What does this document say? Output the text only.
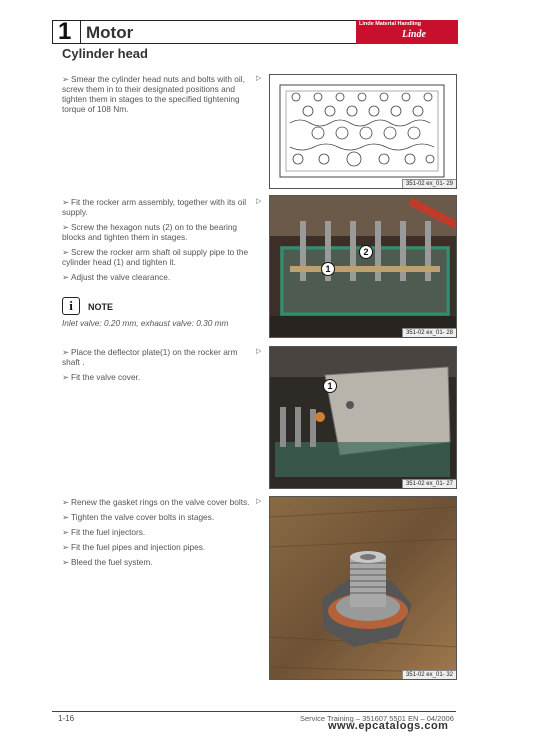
1 Motor	Linde Material Handling
Linde
Cylinder head
➢ Smear the cylinder head nuts and bolts with oil, screw them in to their designated positions and tighten them in stages to the specified tightening torque of 108 Nm.
▷
351-02 ex_01- 29
➢ Fit the rocker arm assembly, together with its oil supply.
➢ Screw the hexagon nuts (2) on to the bearing blocks and tighten them in stages.
➢ Screw the rocker arm shaft oil supply pipe to the cylinder head (1) and tighten it.
➢ Adjust the valve clearance.
▷
1
2
351-02 ex_01- 28
i	NOTE
Inlet valve: 0.20 mm, exhaust valve: 0.30 mm
➢ Place the deflector plate(1) on the rocker arm shaft .
➢ Fit the valve cover.
▷
1
351-02 ex_01- 27
➢ Renew the gasket rings on the valve cover bolts.
➢ Tighten the valve cover bolts in stages.
➢ Fit the fuel injectors.
➢ Fit the fuel pipes and injection pipes.
➢ Bleed the fuel system.
▷
351-02 ex_01- 32
1-16	Service Training – 351607 5501 EN – 04/2006
www.epcatalogs.com
